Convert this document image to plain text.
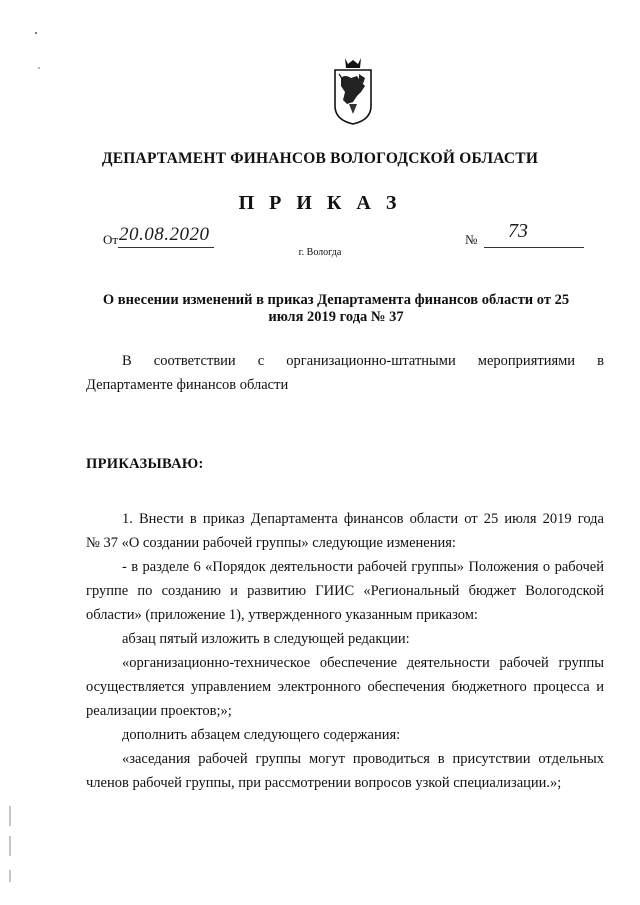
ДЕПАРТАМЕНТ ФИНАНСОВ ВОЛОГОДСКОЙ ОБЛАСТИ
П Р И К А З
От 20.08.2020	№ 73
г. Вологда
О внесении изменений в приказ Департамента финансов области от 25 июля 2019 года № 37
В соответствии с организационно-штатными мероприятиями в
Департаменте финансов области
ПРИКАЗЫВАЮ:

1. Внести в приказ Департамента финансов области от 25 июля 2019 года

№ 37 «О создании рабочей группы» следующие изменения:

- в разделе 6 «Порядок деятельности рабочей группы» Положения о рабочей группе по созданию и развитию ГИИС «Региональный бюджет Вологодской области» (приложение 1), утвержденного указанным приказом:

абзац пятый изложить в следующей редакции:

«организационно-техническое обеспечение деятельности рабочей группы осуществляется управлением электронного обеспечения бюджетного процесса и реализации проектов;»;

дополнить абзацем следующего содержания:

«заседания рабочей группы могут проводиться в присутствии отдельных членов рабочей группы, при рассмотрении вопросов узкой специализации.»;
